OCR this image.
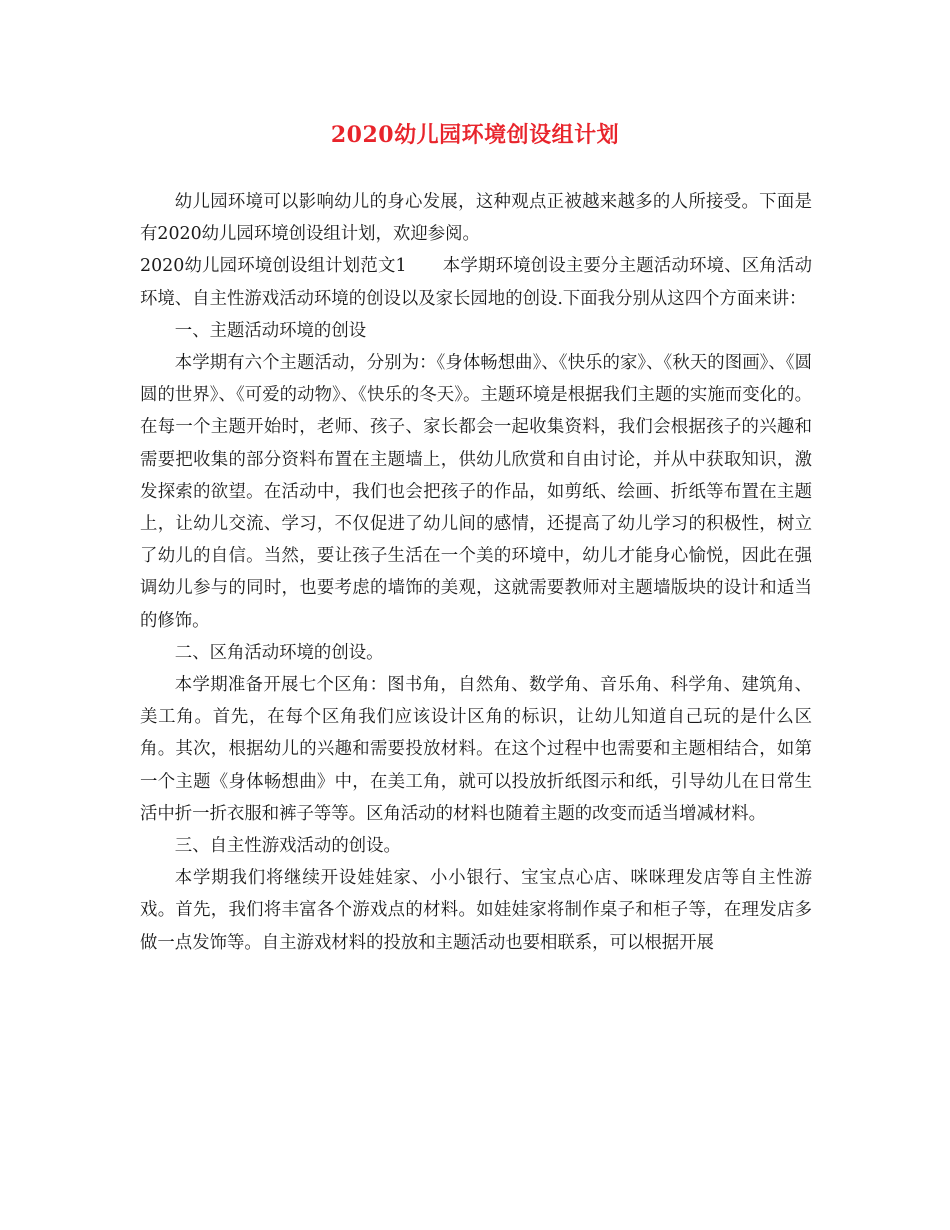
2020幼儿园环境创设组计划

幼儿园环境可以影响幼儿的身心发展，这种观点正被越来越多的人所接受。下面是有2020幼儿园环境创设组计划，欢迎参阅。

2020幼儿园环境创设组计划范文1 本学期环境创设主要分主题活动环境、区角活动环境、自主性游戏活动环境的创设以及家长园地的创设.下面我分别从这四个方面来讲：

一、主题活动环境的创设

本学期有六个主题活动，分别为：《身体畅想曲》、《快乐的家》、《秋天的图画》、《圆圆的世界》、《可爱的动物》、《快乐的冬天》。主题环境是根据我们主题的实施而变化的。在每一个主题开始时，老师、孩子、家长都会一起收集资料，我们会根据孩子的兴趣和需要把收集的部分资料布置在主题墙上，供幼儿欣赏和自由讨论，并从中获取知识，激发探索的欲望。在活动中，我们也会把孩子的作品，如剪纸、绘画、折纸等布置在主题上，让幼儿交流、学习，不仅促进了幼儿间的感情，还提高了幼儿学习的积极性，树立了幼儿的自信。当然，要让孩子生活在一个美的环境中，幼儿才能身心愉悦，因此在强调幼儿参与的同时，也要考虑的墙饰的美观，这就需要教师对主题墙版块的设计和适当的修饰。

二、区角活动环境的创设。

本学期准备开展七个区角：图书角，自然角、数学角、音乐角、科学角、建筑角、美工角。首先，在每个区角我们应该设计区角的标识，让幼儿知道自己玩的是什么区角。其次，根据幼儿的兴趣和需要投放材料。在这个过程中也需要和主题相结合，如第一个主题《身体畅想曲》中，在美工角，就可以投放折纸图示和纸，引导幼儿在日常生活中折一折衣服和裤子等等。区角活动的材料也随着主题的改变而适当增减材料。

三、自主性游戏活动的创设。

本学期我们将继续开设娃娃家、小小银行、宝宝点心店、咪咪理发店等自主性游戏。首先，我们将丰富各个游戏点的材料。如娃娃家将制作桌子和柜子等，在理发店多做一点发饰等。自主游戏材料的投放和主题活动也要相联系，可以根据开展
